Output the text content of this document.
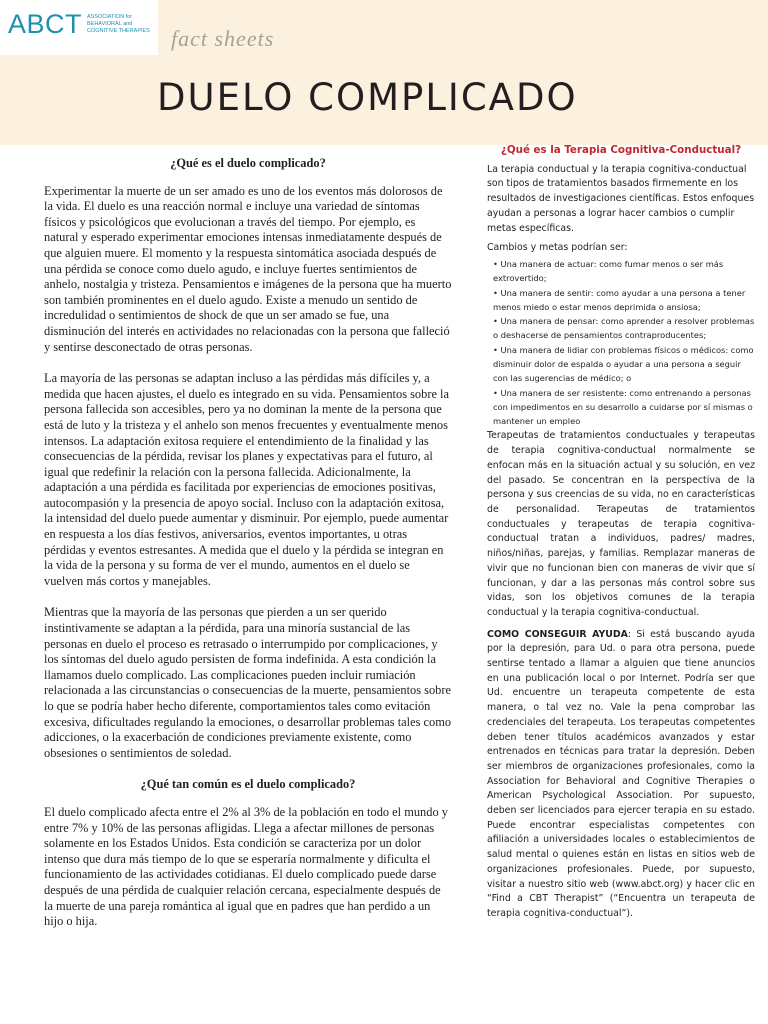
ABCT ASSOCIATION for
BEHAVIORAL and
COGNITIVE THERAPIES fact sheets
DUELO COMPLICADO
¿Qué es el duelo complicado?

Experimentar la muerte de un ser amado es uno de los eventos más dolorosos de la vida. El duelo es una reacción normal e incluye una variedad de síntomas físicos y psicológicos que evolucionan a través del tiempo. Por ejemplo, es natural y esperado experimentar emociones intensas inmediatamente después de que alguien muere. El momento y la respuesta sintomática asociada después de una pérdida se conoce como duelo agudo, e incluye fuertes sentimientos de anhelo, nostalgia y tristeza. Pensamientos e imágenes de la persona que ha muerto son también prominentes en el duelo agudo. Existe a menudo un sentido de incredulidad o sentimientos de shock de que un ser amado se fue, una disminución del interés en actividades no relacionadas con la persona que falleció y sentirse desconectado de otras personas.

La mayoría de las personas se adaptan incluso a las pérdidas más difíciles y, a medida que hacen ajustes, el duelo es integrado en su vida. Pensamientos sobre la persona fallecida son accesibles, pero ya no dominan la mente de la persona que está de luto y la tristeza y el anhelo son menos frecuentes y eventualmente menos intensos. La adaptación exitosa requiere el entendimiento de la finalidad y las consecuencias de la pérdida, revisar los planes y expectativas para el futuro, al igual que redefinir la relación con la persona fallecida. Adicionalmente, la adaptación a una pérdida es facilitada por experiencias de emociones positivas, autocompasión y la presencia de apoyo social. Incluso con la adaptación exitosa, la intensidad del duelo puede aumentar y disminuir. Por ejemplo, puede aumentar en respuesta a los días festivos, aniversarios, eventos importantes, u otras pérdidas y eventos estresantes. A medida que el duelo y la pérdida se integran en la vida de la persona y su forma de ver el mundo, aumentos en el duelo se vuelven más cortos y manejables.

Mientras que la mayoría de las personas que pierden a un ser querido instintivamente se adaptan a la pérdida, para una minoría sustancial de las personas en duelo el proceso es retrasado o interrumpido por complicaciones, y los síntomas del duelo agudo persisten de forma indefinida. A esta condición la llamamos duelo complicado. Las complicaciones pueden incluir rumiación relacionada a las circunstancias o consecuencias de la muerte, pensamientos sobre lo que se podría haber hecho diferente, comportamientos tales como evitación excesiva, dificultades regulando la emociones, o desarrollar problemas tales como adicciones, o la exacerbación de condiciones previamente existente, como obsesiones o sentimientos de soledad.

¿Qué tan común es el duelo complicado?

El duelo complicado afecta entre el 2% al 3% de la población en todo el mundo y entre 7% y 10% de las personas afligidas. Llega a afectar millones de personas solamente en los Estados Unidos. Esta condición se caracteriza por un dolor intenso que dura más tiempo de lo que se esperaría normalmente y dificulta el funcionamiento de las actividades cotidianas. El duelo complicado puede darse después de una pérdida de cualquier relación cercana, especialmente después de la muerte de una pareja romántica al igual que en padres que han perdido a un hijo o hija.

¿Qué es la Terapia Cognitiva-Conductual?

La terapia conductual y la terapia cognitiva-conductual son tipos de tratamientos basados firmemente en los resultados de investigaciones científicas. Estos enfoques ayudan a personas a lograr hacer cambios o cumplir metas específicas.

Cambios y metas podrían ser:

• Una manera de actuar: como fumar menos o ser más extrovertido;
• Una manera de sentir: como ayudar a una persona a tener menos miedo o estar menos deprimida o ansiosa;
• Una manera de pensar: como aprender a resolver problemas o deshacerse de pensamientos contraproducentes;
• Una manera de lidiar con problemas físicos o médicos: como disminuir dolor de espalda o ayudar a una persona a seguir con las sugerencias de médico; o
• Una manera de ser resistente: como entrenando a personas con impedimentos en su desarrollo a cuidarse por sí mismas o mantener un empleo

Terapeutas de tratamientos conductuales y terapeutas de terapia cognitiva-conductual normalmente se enfocan más en la situación actual y su solución, en vez del pasado. Se concentran en la perspectiva de la persona y sus creencias de su vida, no en características de personalidad. Terapeutas de tratamientos conductuales y terapeutas de terapia cognitiva-conductual tratan a individuos, padres/ madres, niños/niñas, parejas, y familias. Remplazar maneras de vivir que no funcionan bien con maneras de vivir que sí funcionan, y dar a las personas más control sobre sus vidas, son los objetivos comunes de la terapia conductual y la terapia cognitiva-conductual.

COMO CONSEGUIR AYUDA: Si está buscando ayuda por la depresión, para Ud. o para otra persona, puede sentirse tentado a llamar a alguien que tiene anuncios en una publicación local o por Internet. Podría ser que Ud. encuentre un terapeuta competente de esta manera, o tal vez no. Vale la pena comprobar las credenciales del terapeuta. Los terapeutas competentes deben tener títulos académicos avanzados y estar entrenados en técnicas para tratar la depresión. Deben ser miembros de organizaciones profesionales, como la Association for Behavioral and Cognitive Therapies o American Psychological Association. Por supuesto, deben ser licenciados para ejercer terapia en su estado. Puede encontrar especialistas competentes con afiliación a universidades locales o establecimientos de salud mental o quienes están en listas en sitios web de organizaciones profesionales. Puede, por supuesto, visitar a nuestro sitio web (www.abct.org) y hacer clic en “Find a CBT Therapist” (“Encuentra un terapeuta de terapia cognitiva-conductual”).
